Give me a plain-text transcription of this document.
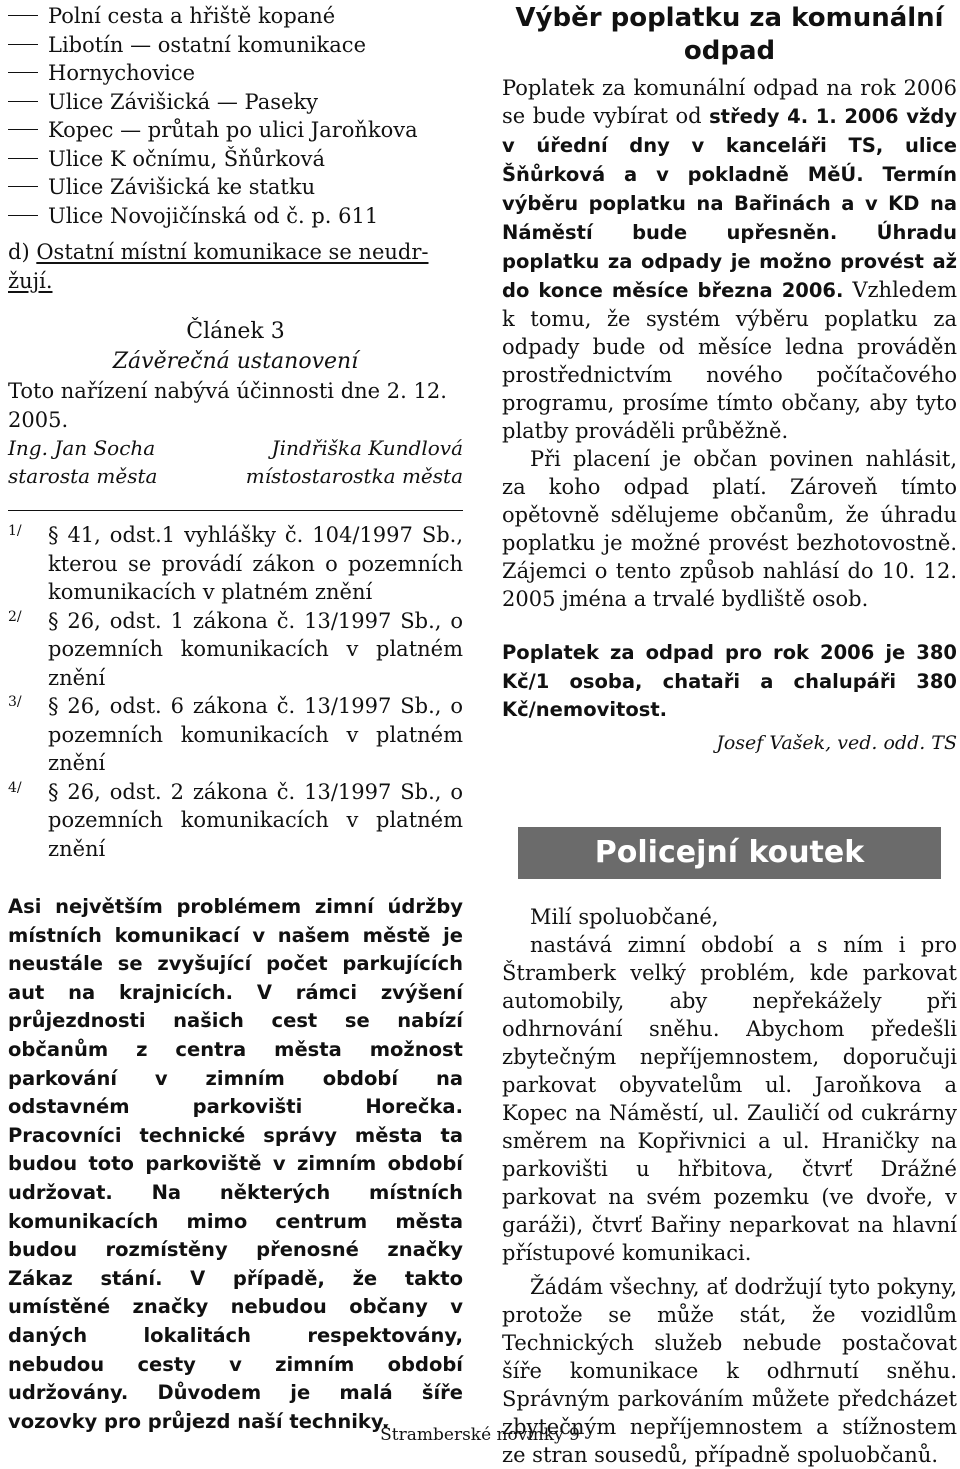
Polní cesta a hřiště kopané
Libotín — ostatní komunikace
Hornychovice
Ulice Závišická — Paseky
Kopec — průtah po ulici Jaroňkova
Ulice K očnímu, Šňůrková
Ulice Závišická ke statku
Ulice Novojičínská od č. p. 611
d) Ostatní místní komunikace se neudr-
žují.
Článek 3
Závěrečná ustanovení
Toto nařízení nabývá účinnosti dne 2. 12.
2005.
Ing. Jan Socha
starosta města
Jindřiška Kundlová
místostarostka města
1/ § 41, odst.1 vyhlášky č. 104/1997 Sb., kterou se provádí zákon o pozemních komunikacích v platném znění
2/ § 26, odst. 1 zákona č. 13/1997 Sb., o pozemních komunikacích v platném znění
3/ § 26, odst. 6 zákona č. 13/1997 Sb., o pozemních komunikacích v platném znění
4/ § 26, odst. 2 zákona č. 13/1997 Sb., o pozemních komunikacích v platném znění
Asi největším problémem zimní údržby místních komunikací v našem městě je neustále se zvyšující počet parkujících aut na krajnicích. V rámci zvýšení průjezdnosti našich cest se nabízí občanům z centra města možnost parkování v zimním období na odstavném parkovišti Horečka. Pracovníci technické správy města ta budou toto parkoviště v zimním období udržovat. Na některých místních komunikacích mimo centrum města budou rozmístěny přenosné značky Zákaz stání. V případě, že takto umístěné značky nebudou občany v daných lokalitách respektovány, nebudou cesty v zimním období udržovány. Důvodem je malá šíře vozovky pro průjezd naší techniky.
Výběr poplatku za komunální odpad
Poplatek za komunální odpad na rok 2006 se bude vybírat od středy 4. 1. 2006 vždy v úřední dny v kanceláři TS, ulice Šňůrková a v pokladně MěÚ. Termín výběru poplatku na Bařinách a v KD na Náměstí bude upřesněn. Úhradu poplatku za odpady je možno provést až do konce měsíce března 2006. Vzhledem k tomu, že systém výběru poplatku za odpady bude od měsíce ledna prováděn prostřednictvím nového počítačového programu, prosíme tímto občany, aby tyto platby prováděli průběžně.
Při placení je občan povinen nahlásit, za koho odpad platí. Zároveň tímto opětovně sdělujeme občanům, že úhradu poplatku je možné provést bezhotovostně. Zájemci o tento způsob nahlásí do 10. 12. 2005 jména a trvalé bydliště osob.
Poplatek za odpad pro rok 2006 je 380 Kč/1 osoba, chataři a chalupáři 380 Kč/nemovitost.
Josef Vašek, ved. odd. TS
Policejní koutek
Milí spoluobčané,
nastává zimní období a s ním i pro Štramberk velký problém, kde parkovat automobily, aby nepřekážely při odhrnování sněhu. Abychom předešli zbytečným nepříjemnostem, doporučuji parkovat obyvatelům ul. Jaroňkova a Kopec na Náměstí, ul. Zauličí od cukrárny směrem na Kopřivnici a ul. Hraničky na parkovišti u hřbitova, čtvrť Drážné parkovat na svém pozemku (ve dvoře, v garáži), čtvrť Bařiny neparkovat na hlavní přístupové komunikaci.
Žádám všechny, ať dodržují tyto pokyny, protože se může stát, že vozidlům Technických služeb nebude postačovat šíře komunikace k odhrnutí sněhu. Správným parkováním můžete předcházet zbytečným nepříjemnostem a stížnostem ze stran sousedů, případně spoluobčanů.
Štramberské novinky 9
